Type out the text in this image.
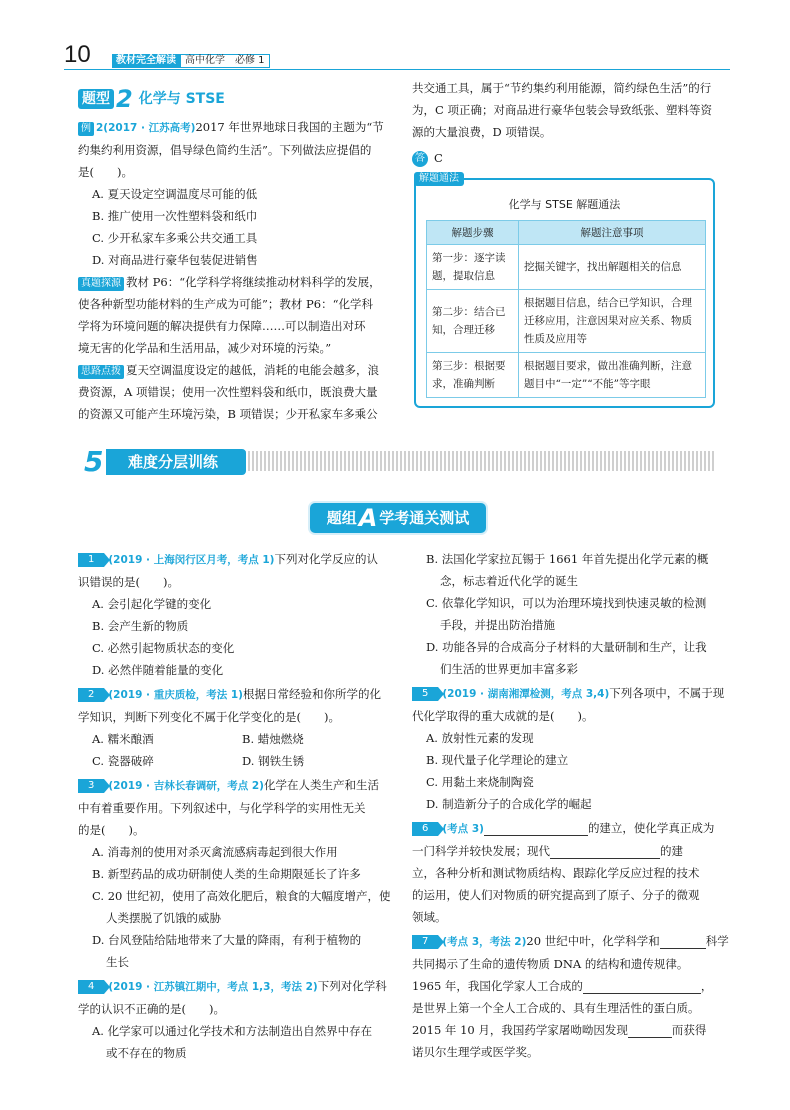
10	教材完全解读 高中化学　必修 1
题型 2 化学与 STSE

例 2(2017 · 江苏高考)2017 年世界地球日我国的主题为“节

约集约利用资源，倡导绿色简约生活”。下列做法应提倡的

是(　　)。

A. 夏天设定空调温度尽可能的低

B. 推广使用一次性塑料袋和纸巾

C. 少开私家车多乘公共交通工具

D. 对商品进行豪华包装促进销售

真题探源 教材 P6：“化学科学将继续推动材料科学的发展，

使各种新型功能材料的生产成为可能”；教材 P6：“化学科

学将为环境问题的解决提供有力保障……可以制造出对环

境无害的化学品和生活用品，减少对环境的污染。”

思路点拨 夏天空调温度设定的越低，消耗的电能会越多，浪

费资源，A 项错误；使用一次性塑料袋和纸巾，既浪费大量

的资源又可能产生环境污染，B 项错误；少开私家车多乘公

共交通工具，属于“节约集约利用能源，简约绿色生活”的行

为，C 项正确；对商品进行豪华包装会导致纸张、塑料等资

源的大量浪费，D 项错误。

答 C

解题通法
化学与 STSE 解题通法
解题步骤	解题注意事项
第一步：逐字读题，提取信息	挖掘关键字，找出解题相关的信息
第二步：结合已知，合理迁移	根据题目信息，结合已学知识，合理迁移应用，注意因果对应关系、物质性质及应用等
第三步：根据要求，准确判断	根据题目要求，做出准确判断，注意题目中“一定”“不能”等字眼
难度分层训练
5
题组 A 学考通关测试

1 (2019 · 上海闵行区月考，考点 1)下列对化学反应的认

识错误的是(　　)。

A. 会引起化学键的变化

B. 会产生新的物质

C. 必然引起物质状态的变化

D. 必然伴随着能量的变化

2 (2019 · 重庆质检，考法 1)根据日常经验和你所学的化

学知识，判断下列变化不属于化学变化的是(　　)。

A. 糯米酿酒	B. 蜡烛燃烧
C. 瓷器破碎	D. 钢铁生锈

3 (2019 · 吉林长春调研，考点 2)化学在人类生产和生活

中有着重要作用。下列叙述中，与化学科学的实用性无关

的是(　　)。

A. 消毒剂的使用对杀灭禽流感病毒起到很大作用

B. 新型药品的成功研制使人类的生命期限延长了许多

C. 20 世纪初，使用了高效化肥后，粮食的大幅度增产，使

人类摆脱了饥饿的威胁

D. 台风登陆给陆地带来了大量的降雨，有利于植物的

生长

4 (2019 · 江苏镇江期中，考点 1,3，考法 2)下列对化学科

学的认识不正确的是(　　)。

A. 化学家可以通过化学技术和方法制造出自然界中存在

或不存在的物质

B. 法国化学家拉瓦锡于 1661 年首先提出化学元素的概

念，标志着近代化学的诞生

C. 依靠化学知识，可以为治理环境找到快速灵敏的检测

手段，并提出防治措施

D. 功能各异的合成高分子材料的大量研制和生产，让我

们生活的世界更加丰富多彩

5 (2019 · 湖南湘潭检测，考点 3,4)下列各项中，不属于现

代化学取得的重大成就的是(　　)。

A. 放射性元素的发现

B. 现代量子化学理论的建立

C. 用黏土来烧制陶瓷

D. 制造新分子的合成化学的崛起

6 (考点 3)	的建立，使化学真正成为

一门科学并较快发展；现代	的建

立，各种分析和测试物质结构、跟踪化学反应过程的技术

的运用，使人们对物质的研究提高到了原子、分子的微观

领域。

7 (考点 3，考法 2)20 世纪中叶，化学科学和	科学

共同揭示了生命的遗传物质 DNA 的结构和遗传规律。

1965 年，我国化学家人工合成的	，

是世界上第一个全人工合成的、具有生理活性的蛋白质。

2015 年 10 月，我国药学家屠呦呦因发现	而获得

诺贝尔生理学或医学奖。
